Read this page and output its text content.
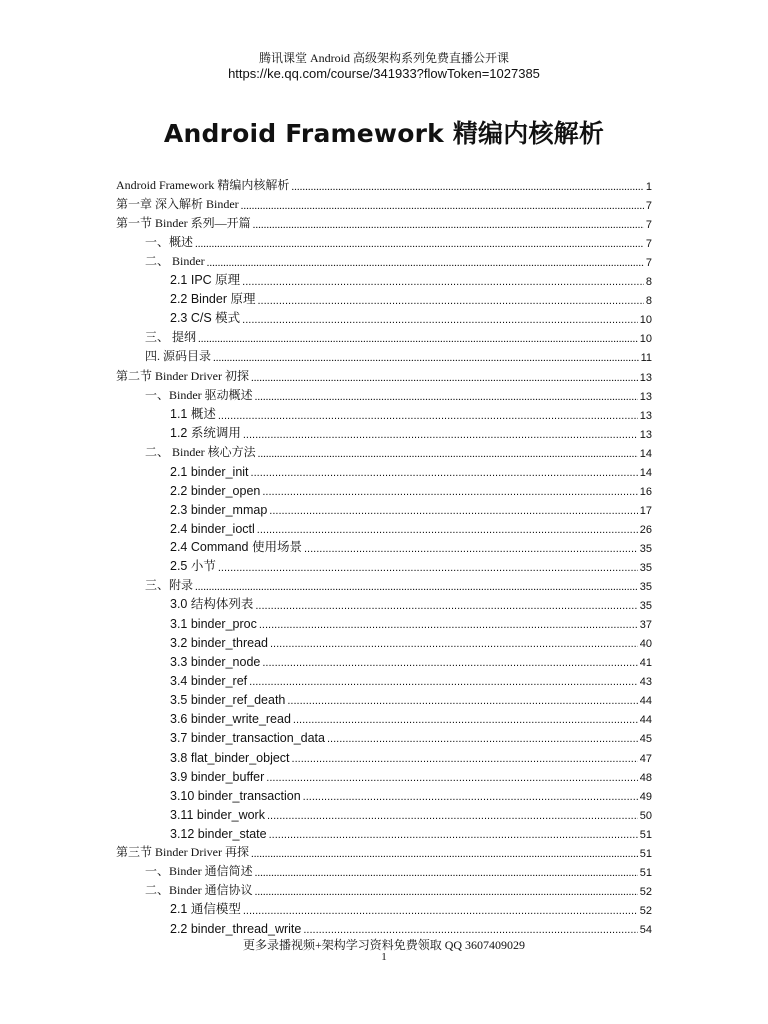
腾讯课堂 Android 高级架构系列免费直播公开课
https://ke.qq.com/course/341933?flowToken=1027385
Android Framework 精编内核解析
Android Framework 精编内核解析 .....	1
第一章 深入解析 Binder .....	7
第一节 Binder 系列—开篇 .....	7
一、概述 .....	7
二、 Binder .....	7
2.1 IPC 原理 .....	8
2.2 Binder 原理 .....	8
2.3 C/S 模式 .....	10
三、 提纲 .....	10
四. 源码目录 .....	11
第二节 Binder Driver 初探 .....	13
一、Binder 驱动概述 .....	13
1.1 概述 .....	13
1.2 系统调用 .....	13
二、 Binder 核心方法 .....	14
2.1 binder_init .....	14
2.2 binder_open .....	16
2.3 binder_mmap .....	17
2.4 binder_ioctl .....	26
2.4 Command 使用场景 .....	35
2.5 小节 .....	35
三、附录 .....	35
3.0 结构体列表 .....	35
3.1 binder_proc .....	37
3.2 binder_thread .....	40
3.3 binder_node .....	41
3.4 binder_ref .....	43
3.5 binder_ref_death .....	44
3.6 binder_write_read .....	44
3.7 binder_transaction_data .....	45
3.8 flat_binder_object .....	47
3.9 binder_buffer .....	48
3.10 binder_transaction .....	49
3.11 binder_work .....	50
3.12 binder_state .....	51
第三节 Binder Driver 再探 .....	51
一、Binder 通信简述 .....	51
二、Binder 通信协议 .....	52
2.1 通信模型 .....	52
2.2 binder_thread_write .....	54
更多录播视频+架构学习资料免费领取 QQ 3607409029
1
